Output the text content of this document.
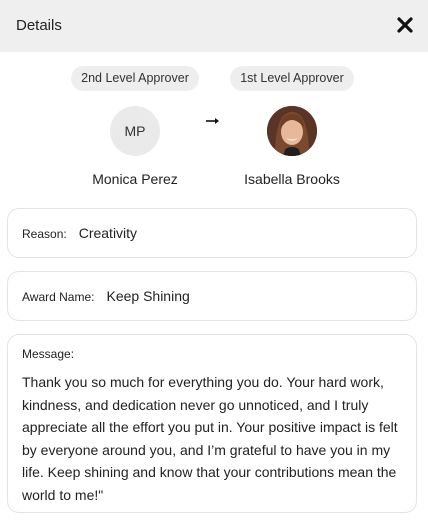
Details
2nd Level Approver
MP
Monica Perez
1st Level Approver
Isabella Brooks
Reason: Creativity
Award Name: Keep Shining
Message:
Thank you so much for everything you do. Your hard work, kindness, and dedication never go unnoticed, and I truly appreciate all the effort you put in. Your positive impact is felt by everyone around you, and I’m grateful to have you in my life. Keep shining and know that your contributions mean the world to me!"
